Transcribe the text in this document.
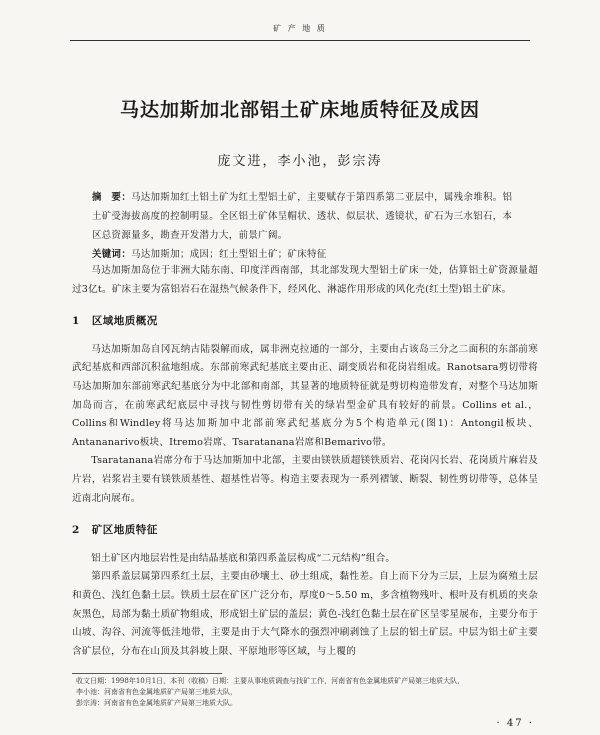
矿 产 地 质
马达加斯加北部铝土矿床地质特征及成因
庞文进，李小池，彭宗涛
摘　要：马达加斯加红土铝土矿为红土型铝土矿，主要赋存于第四系第二亚层中，属残余堆积。铝土矿受海拔高度的控制明显。全区铝土矿体呈帽状、透状、似层状、透镜状，矿石为三水铝石，本区总资源量多，勘查开发潜力大，前景广阔。
关键词：马达加斯加；成因；红土型铝土矿；矿床特征

马达加斯加岛位于非洲大陆东南、印度洋西南部，其北部发现大型铝土矿床一处，估算铝土矿资源量超过3亿t。矿床主要为富铝岩石在湿热气候条件下，经风化、淋滤作用形成的风化壳(红土型)铝土矿床。

1 区域地质概况

马达加斯加岛自冈瓦纳古陆裂解而成，属非洲克拉通的一部分，主要由占该岛三分之二面积的东部前寒武纪基底和西部沉积盆地组成。东部前寒武纪基底主要由正、副变质岩和花岗岩组成。Ranotsara剪切带将马达加斯加东部前寒武纪基底分为中北部和南部，其显著的地质特征就是剪切构造带发育，对整个马达加斯加岛而言，在前寒武纪底层中寻找与韧性剪切带有关的绿岩型金矿具有较好的前景。Collins et al.，Collins和Windley将马达加斯加中北部前寒武纪基底分为5个构造单元(图1)：Antongil板块、Antananarivo板块、Itremo岩席、Tsaratanana岩席和Bemarivo带。

Tsaratanana岩席分布于马达加斯加中北部，主要由镁铁质超镁铁质岩、花岗闪长岩、花岗质片麻岩及片岩，岩浆岩主要有镁铁质基性、超基性岩等。构造主要表现为一系列褶皱、断裂、韧性剪切带等，总体呈近南北向展布。

2 矿区地质特征

铝土矿区内地层岩性是由结晶基底和第四系盖层构成“二元结构”组合。

第四系盖层属第四系红土层，主要由砂壤土、砂土组成，黏性差。自上而下分为三层，上层为腐殖土层和黄色、浅红色黏土层。铁质土层在矿区广泛分布，厚度0～5.50 m，多含植物残叶、根叶及有机质的夹杂灰黑色，局部为黏土质矿物组成，形成铝土矿层的盖层；黄色-浅红色黏土层在矿区呈零星展布，主要分布于山坡、沟谷、河流等低洼地带，主要是由于大气降水的强烈冲刷剥蚀了上层的铝土矿层。中层为铝土矿主要含矿层位，分布在山顶及其斜坡上限、平原地形等区域，与上覆的

收文日期：1998年10月1日，本刊（收稿）日期：主要从事地质调查与找矿工作，河南省有色金属地质矿产局第三地质大队，
李小池：河南省有色金属地质矿产局第三地质大队，
彭宗涛：河南省有色金属地质矿产局第三地质大队。
· 47 ·
